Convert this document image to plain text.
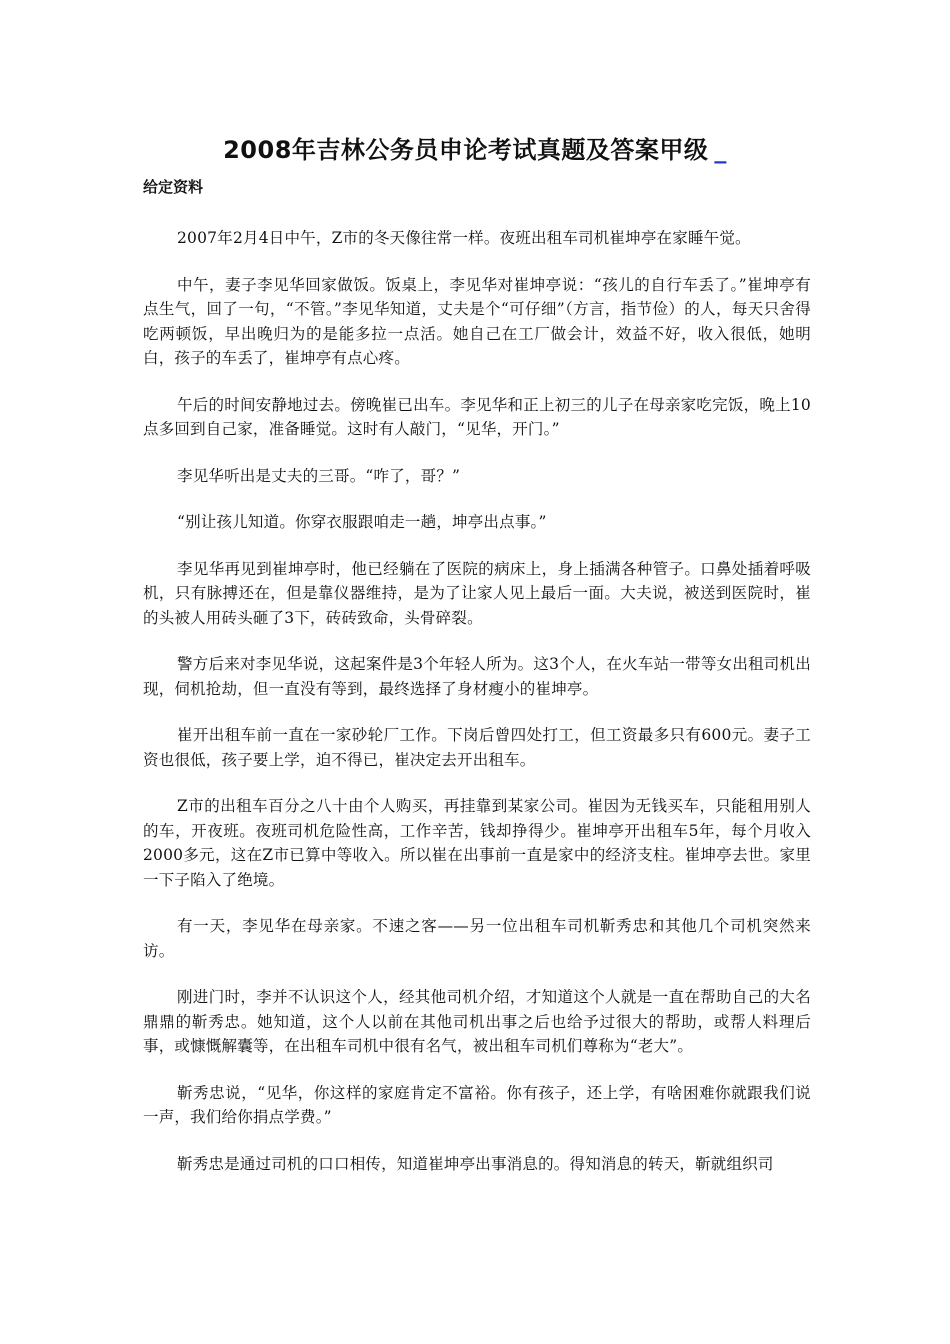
2008年吉林公务员申论考试真题及答案甲级 _
给定资料

2007年2月4日中午，Z市的冬天像往常一样。夜班出租车司机崔坤亭在家睡午觉。

中午，妻子李见华回家做饭。饭桌上，李见华对崔坤亭说：“孩儿的自行车丢了。”崔坤亭有点生气，回了一句，“不管。”李见华知道，丈夫是个“可仔细”（方言，指节俭）的人，每天只舍得吃两顿饭，早出晚归为的是能多拉一点活。她自己在工厂做会计，效益不好，收入很低，她明白，孩子的车丢了，崔坤亭有点心疼。

午后的时间安静地过去。傍晚崔已出车。李见华和正上初三的儿子在母亲家吃完饭，晚上10点多回到自己家，准备睡觉。这时有人敲门，“见华，开门。”

李见华听出是丈夫的三哥。“咋了，哥？”

“别让孩儿知道。你穿衣服跟咱走一趟，坤亭出点事。”

李见华再见到崔坤亭时，他已经躺在了医院的病床上，身上插满各种管子。口鼻处插着呼吸机，只有脉搏还在，但是靠仪器维持，是为了让家人见上最后一面。大夫说，被送到医院时，崔的头被人用砖头砸了3下，砖砖致命，头骨碎裂。

警方后来对李见华说，这起案件是3个年轻人所为。这3个人，在火车站一带等女出租司机出现，伺机抢劫，但一直没有等到，最终选择了身材瘦小的崔坤亭。

崔开出租车前一直在一家砂轮厂工作。下岗后曾四处打工，但工资最多只有600元。妻子工资也很低，孩子要上学，迫不得已，崔决定去开出租车。

Z市的出租车百分之八十由个人购买，再挂靠到某家公司。崔因为无钱买车，只能租用别人的车，开夜班。夜班司机危险性高，工作辛苦，钱却挣得少。崔坤亭开出租车5年，每个月收入2000多元，这在Z市已算中等收入。所以崔在出事前一直是家中的经济支柱。崔坤亭去世。家里一下子陷入了绝境。

有一天，李见华在母亲家。不速之客——另一位出租车司机靳秀忠和其他几个司机突然来访。

刚进门时，李并不认识这个人，经其他司机介绍，才知道这个人就是一直在帮助自己的大名鼎鼎的靳秀忠。她知道，这个人以前在其他司机出事之后也给予过很大的帮助，或帮人料理后事，或慷慨解囊等，在出租车司机中很有名气，被出租车司机们尊称为“老大”。

靳秀忠说，“见华，你这样的家庭肯定不富裕。你有孩子，还上学，有啥困难你就跟我们说一声，我们给你捐点学费。”

靳秀忠是通过司机的口口相传，知道崔坤亭出事消息的。得知消息的转天，靳就组织司
